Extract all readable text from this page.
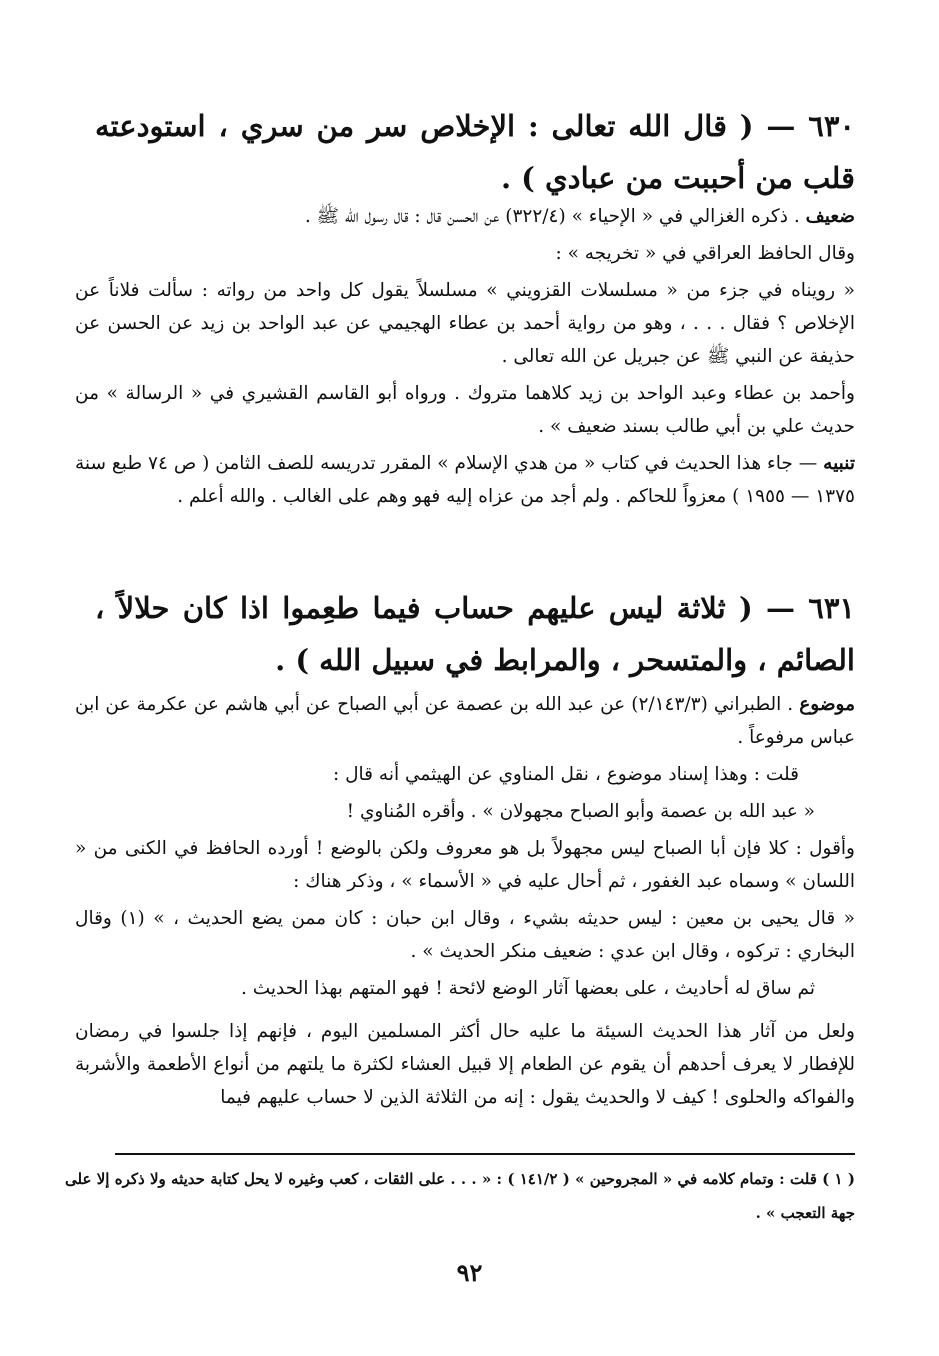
٦٣٠ — ( قال الله تعالى : الإخلاص سر من سري ، استودعته قلب من أحببت من عبادي ) .

ضعيف . ذكره الغزالي في « الإحياء » (٣٢٢/٤) عن الحسن قال : قال رسول الله ﷺ .

وقال الحافظ العراقي في « تخريجه » :

« رويناه في جزء من « مسلسلات القزويني » مسلسلاً يقول كل واحد من رواته : سألت فلاناً عن الإخلاص ؟ فقال . . . ، وهو من رواية أحمد بن عطاء الهجيمي عن عبد الواحد بن زيد عن الحسن عن حذيفة عن النبي ﷺ عن جبريل عن الله تعالى .

وأحمد بن عطاء وعبد الواحد بن زيد كلاهما متروك . ورواه أبو القاسم القشيري في « الرسالة » من حديث علي بن أبي طالب بسند ضعيف » .

تنبيه — جاء هذا الحديث في كتاب « من هدي الإسلام » المقرر تدريسه للصف الثامن ( ص ٧٤ طبع سنة ١٣٧٥ — ١٩٥٥ ) معزواً للحاكم . ولم أجد من عزاه إليه فهو وهم على الغالب . والله أعلم .

٦٣١ — ( ثلاثة ليس عليهم حساب فيما طعِموا اذا كان حلالاً ، الصائم ، والمتسحر ، والمرابط في سبيل الله ) .

موضوع . الطبراني (٢/١٤٣/٣) عن عبد الله بن عصمة عن أبي الصباح عن أبي هاشم عن عكرمة عن ابن عباس مرفوعاً .

قلت : وهذا إسناد موضوع ، نقل المناوي عن الهيثمي أنه قال :

« عبد الله بن عصمة وأبو الصباح مجهولان » . وأقره المُناوي !

وأقول : كلا فإن أبا الصباح ليس مجهولاً بل هو معروف ولكن بالوضع ! أورده الحافظ في الكنى من « اللسان » وسماه عبد الغفور ، ثم أحال عليه في « الأسماء » ، وذكر هناك :

« قال يحيى بن معين : ليس حديثه بشيء ، وقال ابن حبان : كان ممن يضع الحديث ، » (١) وقال البخاري : تركوه ، وقال ابن عدي : ضعيف منكر الحديث » .

ثم ساق له أحاديث ، على بعضها آثار الوضع لائحة ! فهو المتهم بهذا الحديث .

ولعل من آثار هذا الحديث السيئة ما عليه حال أكثر المسلمين اليوم ، فإنهم إذا جلسوا في رمضان للإفطار لا يعرف أحدهم أن يقوم عن الطعام إلا قبيل العشاء لكثرة ما يلتهم من أنواع الأطعمة والأشربة والفواكه والحلوى ! كيف لا والحديث يقول : إنه من الثلاثة الذين لا حساب عليهم فيما

( ١ ) قلت : وتمام كلامه في « المجروحين » ( ١٤١/٢ ) : « . . . على الثقات ، كعب وغيره لا يحل كتابة حديثه ولا ذكره إلا على جهة التعجب » .

٩٢
